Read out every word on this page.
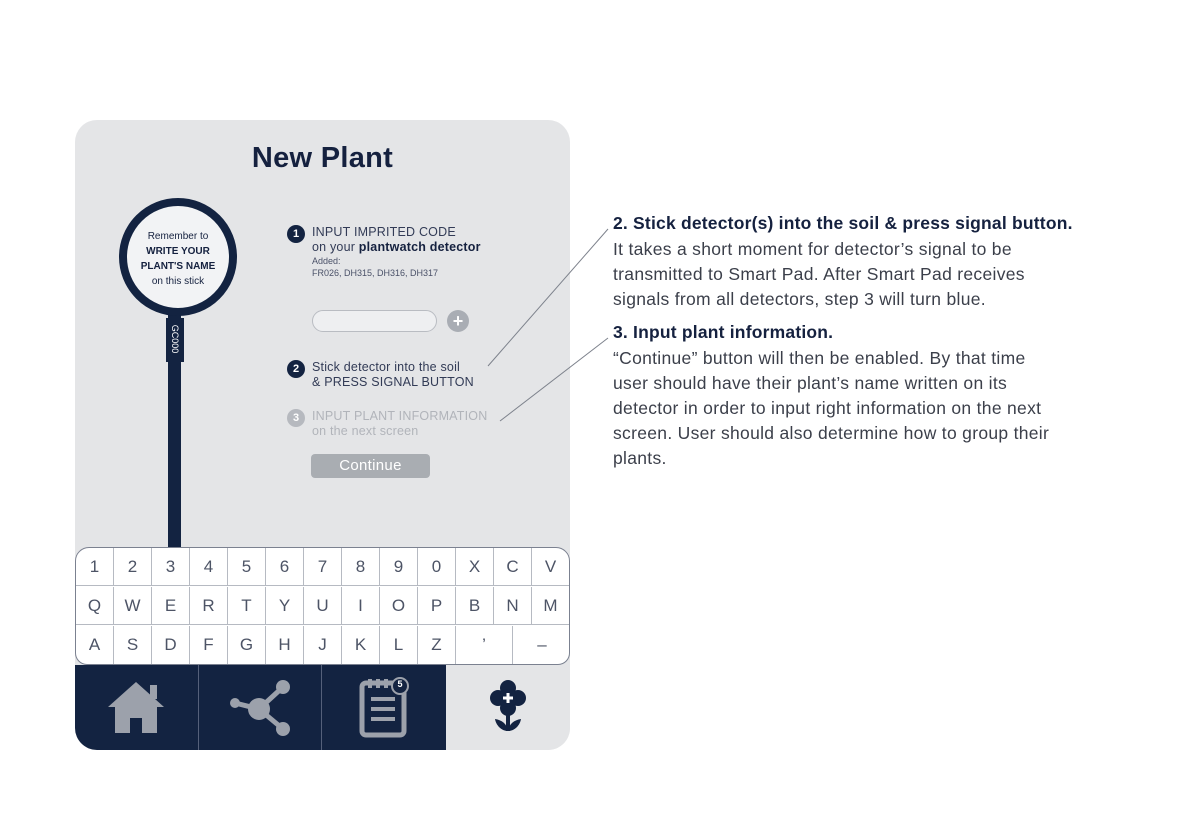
New Plant
Remember to
WRITE YOUR
PLANT'S NAME
on this stick
GC000
1	INPUT IMPRITED CODE
on your plantwatch detector
Added:
FR026, DH315, DH316, DH317
+
2	Stick detector into the soil
& PRESS SIGNAL BUTTON
3	INPUT PLANT INFORMATION
on the next screen
Continue
1	2	3	4	5	6	7	8	9	0	X	C	V
Q	W	E	R	T	Y	U	I	O	P	B	N	M
A	S	D	F	G	H	J	K	L	Z	’	–
5
2. Stick detector(s) into the soil & press signal button.
It takes a short moment for detector’s signal to be
transmitted to Smart Pad. After Smart Pad receives
signals from all detectors, step 3 will turn blue.
3. Input plant information.
“Continue” button will then be enabled. By that time
user should have their plant’s name written on its
detector in order to input right information on the next
screen. User should also determine how to group their
plants.
